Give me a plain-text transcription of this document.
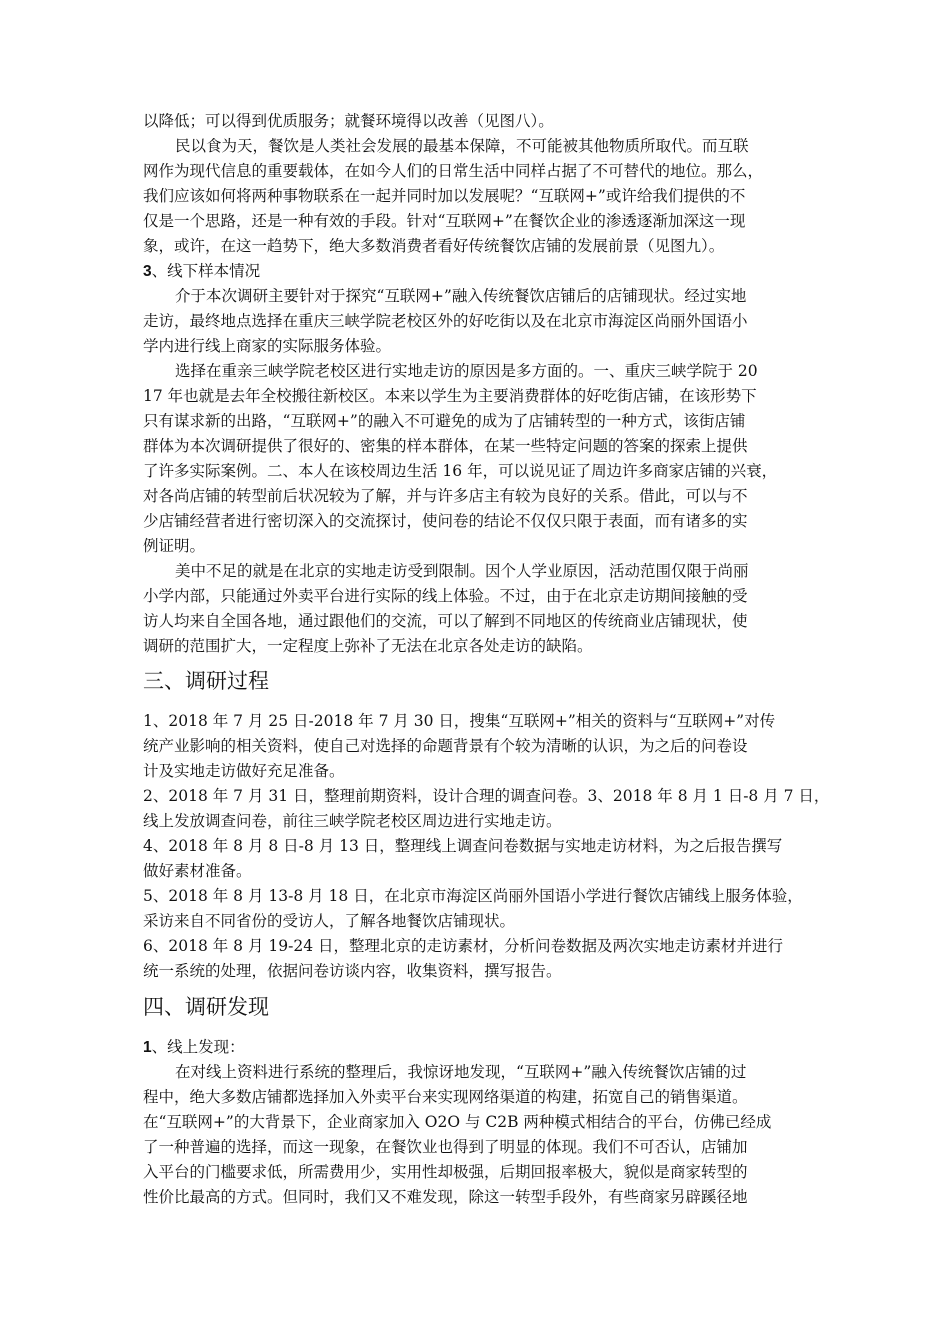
以降低；可以得到优质服务；就餐环境得以改善（见图八）。
民以食为天，餐饮是人类社会发展的最基本保障，不可能被其他物质所取代。而互联
网作为现代信息的重要载体，在如今人们的日常生活中同样占据了不可替代的地位。那么，
我们应该如何将两种事物联系在一起并同时加以发展呢？“互联网+”或许给我们提供的不
仅是一个思路，还是一种有效的手段。针对“互联网+”在餐饮企业的渗透逐渐加深这一现
象，或许，在这一趋势下，绝大多数消费者看好传统餐饮店铺的发展前景（见图九）。
3、线下样本情况
介于本次调研主要针对于探究“互联网+”融入传统餐饮店铺后的店铺现状。经过实地
走访，最终地点选择在重庆三峡学院老校区外的好吃街以及在北京市海淀区尚丽外国语小
学内进行线上商家的实际服务体验。
选择在重亲三峡学院老校区进行实地走访的原因是多方面的。一、重庆三峡学院于 20
17 年也就是去年全校搬往新校区。本来以学生为主要消费群体的好吃街店铺，在该形势下
只有谋求新的出路，“互联网+”的融入不可避免的成为了店铺转型的一种方式，该街店铺
群体为本次调研提供了很好的、密集的样本群体，在某一些特定问题的答案的探索上提供
了许多实际案例。二、本人在该校周边生活 16 年，可以说见证了周边许多商家店铺的兴衰，
对各尚店铺的转型前后状况较为了解，并与许多店主有较为良好的关系。借此，可以与不
少店铺经营者进行密切深入的交流探讨，使问卷的结论不仅仅只限于表面，而有诸多的实
例证明。
美中不足的就是在北京的实地走访受到限制。因个人学业原因，活动范围仅限于尚丽
小学内部，只能通过外卖平台进行实际的线上体验。不过，由于在北京走访期间接触的受
访人均来自全国各地，通过跟他们的交流，可以了解到不同地区的传统商业店铺现状，使
调研的范围扩大，一定程度上弥补了无法在北京各处走访的缺陷。
三、调研过程
1、2018 年 7 月 25 日-2018 年 7 月 30 日，搜集“互联网+”相关的资料与“互联网+”对传
统产业影响的相关资料，使自己对选择的命题背景有个较为清晰的认识，为之后的问卷设
计及实地走访做好充足准备。
2、2018 年 7 月 31 日，整理前期资料，设计合理的调查问卷。3、2018 年 8 月 1 日-8 月 7 日，
线上发放调查问卷，前往三峡学院老校区周边进行实地走访。
4、2018 年 8 月 8 日-8 月 13 日，整理线上调查问卷数据与实地走访材料，为之后报告撰写
做好素材准备。
5、2018 年 8 月 13-8 月 18 日，在北京市海淀区尚丽外国语小学进行餐饮店铺线上服务体验，
采访来自不同省份的受访人，了解各地餐饮店铺现状。
6、2018 年 8 月 19-24 日，整理北京的走访素材，分析问卷数据及两次实地走访素材并进行
统一系统的处理，依据问卷访谈内容，收集资料，撰写报告。
四、调研发现
1、线上发现：
在对线上资料进行系统的整理后，我惊讶地发现，“互联网+”融入传统餐饮店铺的过
程中，绝大多数店铺都选择加入外卖平台来实现网络渠道的构建，拓宽自己的销售渠道。
在“互联网+”的大背景下，企业商家加入 O2O 与 C2B 两种模式相结合的平台，仿佛已经成
了一种普遍的选择，而这一现象，在餐饮业也得到了明显的体现。我们不可否认，店铺加
入平台的门槛要求低，所需费用少，实用性却极强，后期回报率极大，貌似是商家转型的
性价比最高的方式。但同时，我们又不难发现，除这一转型手段外，有些商家另辟蹊径地
